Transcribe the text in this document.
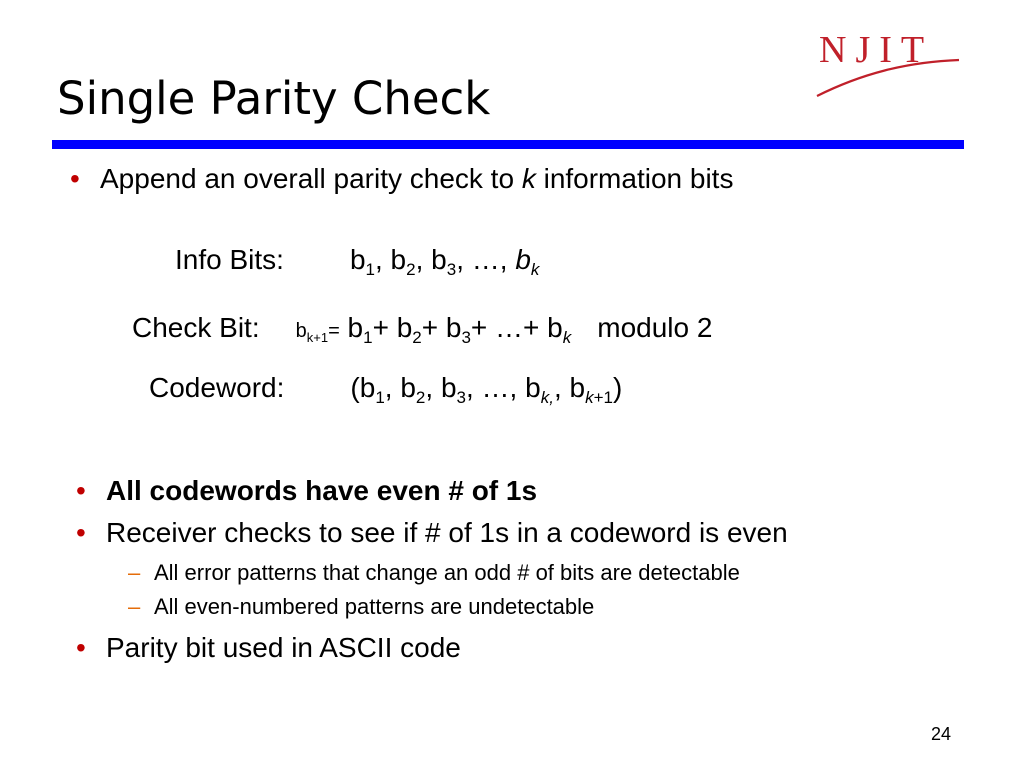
Single Parity Check
NJIT
• Append an overall parity check to k information bits
Info Bits: $b_1$, $b_2$, $b_3$, …, $b_k$
Check Bit: $b_{k+1}= b_1+ b_2+ b_3+$ …+ $b_k$ modulo 2
Codeword: ($b_1$, $b_2$, $b_3$, …, $b_{k,}$, $b_{k+1}$)
• All codewords have even # of 1s
• Receiver checks to see if # of 1s in a codeword is even
– All error patterns that change an odd # of bits are detectable
– All even-numbered patterns are undetectable
• Parity bit used in ASCII code
24
